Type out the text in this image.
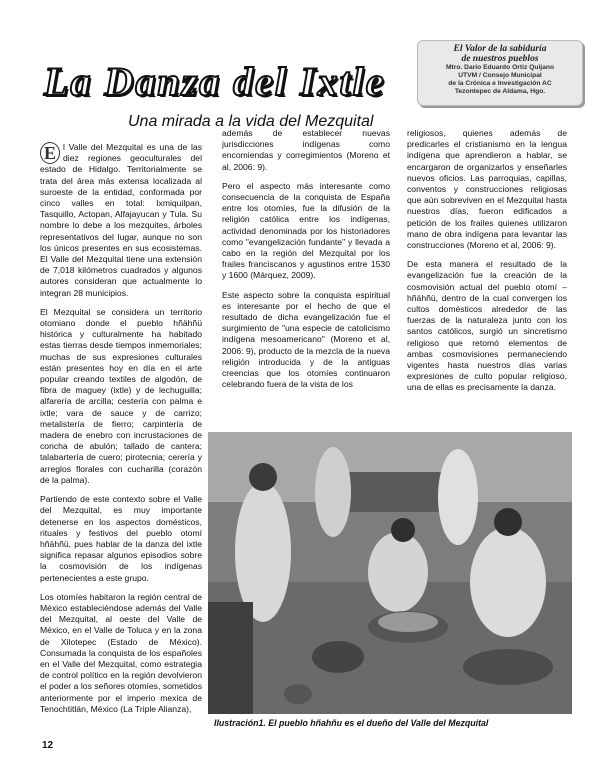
La Danza del Ixtle
Una mirada a la vida del Mezquital
El Valor de la sabiduría
de nuestros pueblos
Mtro. Darío Eduardo Ortiz Quijano
UTVM / Consejo Municipal
de la Crónica e Investigación AC
Tezontepec de Aldama, Hgo.

E l Valle del Mezquital es una de las diez regiones geoculturales del estado de Hidalgo. Territorialmente se trata del área más extensa localizada al suroeste de la entidad, conformada por cinco valles en total: Ixmiquilpan, Tasquillo, Actopan, Alfajayucan y Tula. Su nombre lo debe a los mezquites, árboles representativos del lugar, aunque no son los únicos presentes en sus ecosistemas. El Valle del Mezquital tiene una extensión de 7,018 kilómetros cuadrados y algunos autores consideran que actualmente lo integran 28 municipios.

El Mezquital se considera un territorio otomiano donde el pueblo hñähñü histórica y culturalmente ha habitado estas tierras desde tiempos inmemoriales; muchas de sus expresiones culturales están presentes hoy en día en el arte popular creando textiles de algodón, de fibra de maguey (ixtle) y de lechuguilla; alfarería de arcilla; cestería con palma e ixtle; vara de sauce y de carrizo; metalistería de fierro; carpintería de madera de enebro con incrustaciones de concha de abulón; tallado de cantera; talabartería de cuero; pirotecnia; cerería y arreglos florales con cucharilla (corazón de la palma).

Partiendo de este contexto sobre el Valle del Mezquital, es muy importante detenerse en los aspectos domésticos, rituales y festivos del pueblo otomí hñähñü, pues hablar de la danza del ixtle significa repasar algunos episodios sobre la cosmovisión de los indígenas pertenecientes a este grupo.

Los otomíes habitaron la región central de México estableciéndose además del Valle del Mezquital, al oeste del Valle de México, en el Valle de Toluca y en la zona de Xilotepec (Estado de México). Consumada la conquista de los españoles en el Valle del Mezquital, como estrategia de control político en la región devolvieron el poder a los señores otomíes, sometidos anteriormente por el imperio mexica de Tenochtitlán, México (La Triple Alianza),

además de establecer nuevas jurisdicciones indígenas como encomiendas y corregimientos (Moreno et al, 2006: 9).

Pero el aspecto más interesante como consecuencia de la conquista de España entre los otomíes, fue la difusión de la religión católica entre los indígenas, actividad denominada por los historiadores como "evangelización fundante" y llevada a cabo en la región del Mezquital por los frailes franciscanos y agustinos entre 1530 y 1600 (Márquez, 2009).

Este aspecto sobre la conquista espiritual es interesante por el hecho de que el resultado de dicha evangelización fue el surgimiento de "una especie de catolicismo indígena mesoamericano" (Moreno et al, 2006: 9), producto de la mezcla de la nueva religión introducida y de la antiguas creencias que los otomíes continuaron celebrando fuera de la vista de los

religiosos, quienes además de predicarles el cristianismo en la lengua indígena que aprendieron a hablar, se encargaron de organizarlos y enseñarles nuevos oficios. Las parroquias, capillas, conventos y construcciones religiosas que aún sobreviven en el Mezquital hasta nuestros días, fueron edificados a petición de los frailes quienes utilizaron mano de obra indígena para levantar las construcciones (Moreno et al, 2006: 9).

De esta manera el resultado de la evangelización fue la creación de la cosmovisión actual del pueblo otomí – hñähñü, dentro de la cual convergen los cultos domésticos alrededor de las fuerzas de la naturaleza junto con los santos católicos, surgió un sincretismo religioso que retomó elementos de ambas cosmovisiones permaneciendo vigentes hasta nuestros días varias expresiones de culto popular religioso, una de ellas es precisamente la danza.

Ilustración1. El pueblo hñahñu es el dueño del Valle del Mezquital
12
